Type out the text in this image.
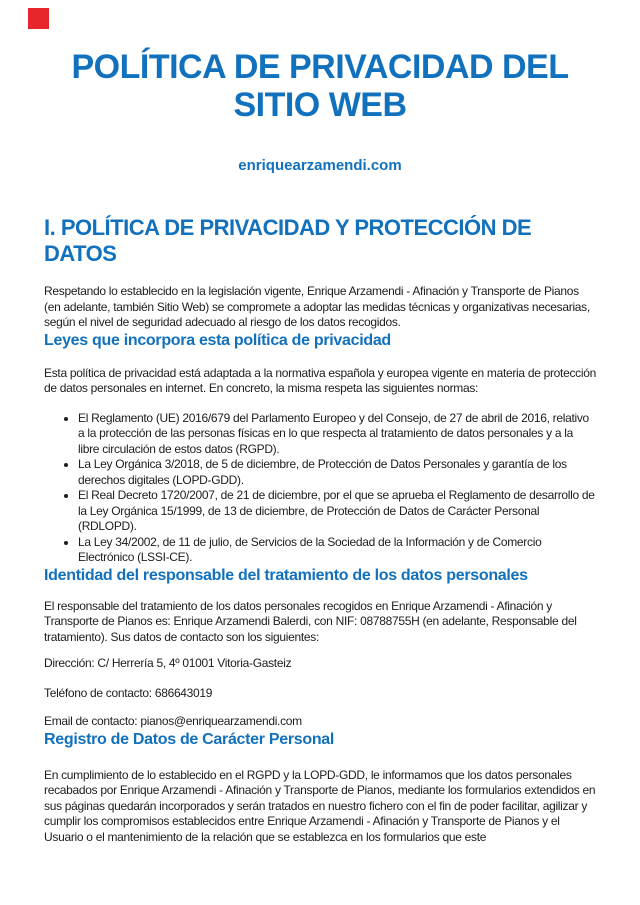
POLÍTICA DE PRIVACIDAD DEL
SITIO WEB
enriquearzamendi.com
I. POLÍTICA DE PRIVACIDAD Y PROTECCIÓN DE DATOS

Respetando lo establecido en la legislación vigente, Enrique Arzamendi - Afinación y Transporte de Pianos (en adelante, también Sitio Web) se compromete a adoptar las medidas técnicas y organizativas necesarias, según el nivel de seguridad adecuado al riesgo de los datos recogidos.

Leyes que incorpora esta política de privacidad

Esta política de privacidad está adaptada a la normativa española y europea vigente en materia de protección de datos personales en internet. En concreto, la misma respeta las siguientes normas:

• El Reglamento (UE) 2016/679 del Parlamento Europeo y del Consejo, de 27 de abril de 2016, relativo a la protección de las personas físicas en lo que respecta al tratamiento de datos personales y a la libre circulación de estos datos (RGPD).
• La Ley Orgánica 3/2018, de 5 de diciembre, de Protección de Datos Personales y garantía de los derechos digitales (LOPD-GDD).
• El Real Decreto 1720/2007, de 21 de diciembre, por el que se aprueba el Reglamento de desarrollo de la Ley Orgánica 15/1999, de 13 de diciembre, de Protección de Datos de Carácter Personal (RDLOPD).
• La Ley 34/2002, de 11 de julio, de Servicios de la Sociedad de la Información y de Comercio Electrónico (LSSI-CE).
Identidad del responsable del tratamiento de los datos personales

El responsable del tratamiento de los datos personales recogidos en Enrique Arzamendi - Afinación y Transporte de Pianos es: Enrique Arzamendi Balerdi, con NIF: 08788755H (en adelante, Responsable del tratamiento). Sus datos de contacto son los siguientes:

Dirección: C/ Herrería 5, 4º 01001 Vitoria-Gasteiz

Teléfono de contacto: 686643019

Email de contacto: pianos@enriquearzamendi.com

Registro de Datos de Carácter Personal

En cumplimiento de lo establecido en el RGPD y la LOPD-GDD, le informamos que los datos personales recabados por Enrique Arzamendi - Afinación y Transporte de Pianos, mediante los formularios extendidos en sus páginas quedarán incorporados y serán tratados en nuestro fichero con el fin de poder facilitar, agilizar y cumplir los compromisos establecidos entre Enrique Arzamendi - Afinación y Transporte de Pianos y el Usuario o el mantenimiento de la relación que se establezca en los formularios que este
